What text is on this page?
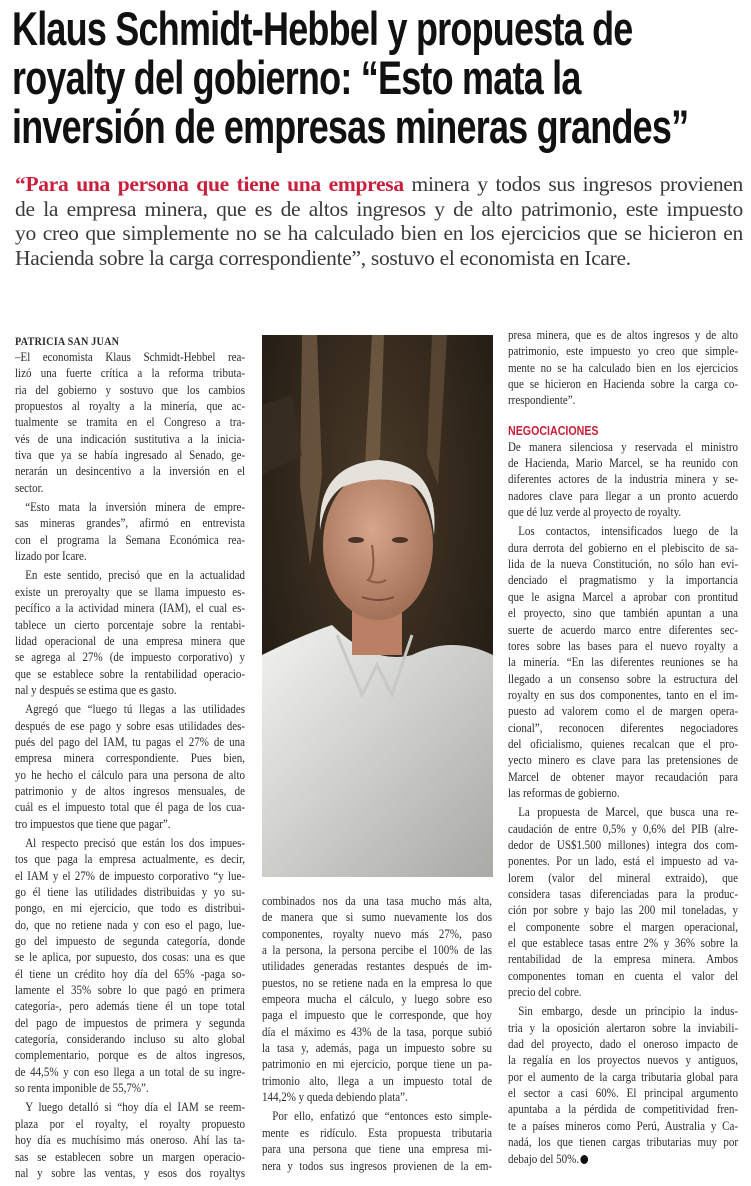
Klaus Schmidt-Hebbel y propuesta de
royalty del gobierno: “Esto mata la
inversión de empresas mineras grandes”
“Para una persona que tiene una empresa minera y todos sus ingresos provienen
de la empresa minera, que es de altos ingresos y de alto patrimonio, este impuesto
yo creo que simplemente no se ha calculado bien en los ejercicios que se hicieron en
Hacienda sobre la carga correspondiente”, sostuvo el economista en Icare.
PATRICIA SAN JUAN
–El economista Klaus Schmidt-Hebbel rea-
lizó una fuerte crítica a la reforma tributa-
ria del gobierno y sostuvo que los cambios
propuestos al royalty a la minería, que ac-
tualmente se tramita en el Congreso a tra-
vés de una indicación sustitutiva a la inicia-
tiva que ya se había ingresado al Senado, ge-
nerarán un desincentivo a la inversión en el
sector.
“Esto mata la inversión minera de empre-
sas mineras grandes”, afirmó en entrevista
con el programa la Semana Económica rea-
lizado por Icare.
En este sentido, precisó que en la actualidad
existe un preroyalty que se llama impuesto es-
pecífico a la actividad minera (IAM), el cual es-
tablece un cierto porcentaje sobre la rentabi-
lidad operacional de una empresa minera que
se agrega al 27% (de impuesto corporativo) y
que se establece sobre la rentabilidad operacio-
nal y después se estima que es gasto.
Agregó que “luego tú llegas a las utilidades
después de ese pago y sobre esas utilidades des-
pués del pago del IAM, tu pagas el 27% de una
empresa minera correspondiente. Pues bien,
yo he hecho el cálculo para una persona de alto
patrimonio y de altos ingresos mensuales, de
cuál es el impuesto total que él paga de los cua-
tro impuestos que tiene que pagar”.
Al respecto precisó que están los dos impues-
tos que paga la empresa actualmente, es decir,
el IAM y el 27% de impuesto corporativo “y lue-
go él tiene las utilidades distribuidas y yo su-
pongo, en mi ejercicio, que todo es distribui-
do, que no retiene nada y con eso el pago, lue-
go del impuesto de segunda categoría, donde
se le aplica, por supuesto, dos cosas: una es que
él tiene un crédito hoy día del 65% -paga so-
lamente el 35% sobre lo que pagó en primera
categoría-, pero además tiene él un tope total
del pago de impuestos de primera y segunda
categoría, considerando incluso su alto global
complementario, porque es de altos ingresos,
de 44,5% y con eso llega a un total de su ingre-
so renta imponible de 55,7%”.
Y luego detalló si “hoy día el IAM se reem-
plaza por el royalty, el royalty propuesto
hoy día es muchísimo más oneroso. Ahí las ta-
sas se establecen sobre un margen operacio-
nal y sobre las ventas, y esos dos royaltys
combinados nos da una tasa mucho más alta,
de manera que si sumo nuevamente los dos
componentes, royalty nuevo más 27%, paso
a la persona, la persona percibe el 100% de las
utilidades generadas restantes después de im-
puestos, no se retiene nada en la empresa lo que
empeora mucha el cálculo, y luego sobre eso
paga el impuesto que le corresponde, que hoy
día el máximo es 43% de la tasa, porque subió
la tasa y, además, paga un impuesto sobre su
patrimonio en mi ejercicio, porque tiene un pa-
trimonio alto, llega a un impuesto total de
144,2% y queda debiendo plata”.
Por ello, enfatizó que “entonces esto simple-
mente es ridículo. Esta propuesta tributaria
para una persona que tiene una empresa mi-
nera y todos sus ingresos provienen de la em-
presa minera, que es de altos ingresos y de alto
patrimonio, este impuesto yo creo que simple-
mente no se ha calculado bien en los ejercicios
que se hicieron en Hacienda sobre la carga co-
rrespondiente”.
NEGOCIACIONES
De manera silenciosa y reservada el ministro
de Hacienda, Mario Marcel, se ha reunido con
diferentes actores de la industria minera y se-
nadores clave para llegar a un pronto acuerdo
que dé luz verde al proyecto de royalty.
Los contactos, intensificados luego de la
dura derrota del gobierno en el plebiscito de sa-
lida de la nueva Constitución, no sólo han evi-
denciado el pragmatismo y la importancia
que le asigna Marcel a aprobar con prontitud
el proyecto, sino que también apuntan a una
suerte de acuerdo marco entre diferentes sec-
tores sobre las bases para el nuevo royalty a
la minería. “En las diferentes reuniones se ha
llegado a un consenso sobre la estructura del
royalty en sus dos componentes, tanto en el im-
puesto ad valorem como el de margen opera-
cional”, reconocen diferentes negociadores
del oficialismo, quienes recalcan que el pro-
yecto minero es clave para las pretensiones de
Marcel de obtener mayor recaudación para
las reformas de gobierno.
La propuesta de Marcel, que busca una re-
caudación de entre 0,5% y 0,6% del PIB (alre-
dedor de US$1.500 millones) integra dos com-
ponentes. Por un lado, está el impuesto ad va-
lorem (valor del mineral extraido), que
considera tasas diferenciadas para la produc-
ción por sobre y bajo las 200 mil toneladas, y
el componente sobre el margen operacional,
el que establece tasas entre 2% y 36% sobre la
rentabilidad de la empresa minera. Ambos
componentes toman en cuenta el valor del
precio del cobre.
Sin embargo, desde un principio la indus-
tria y la oposición alertaron sobre la inviabili-
dad del proyecto, dado el oneroso impacto de
la regalía en los proyectos nuevos y antiguos,
por el aumento de la carga tributaria global para
el sector a casi 60%. El principal argumento
apuntaba a la pérdida de competitividad fren-
te a países mineros como Perú, Australia y Ca-
nadá, los que tienen cargas tributarias muy por
debajo del 50%.
